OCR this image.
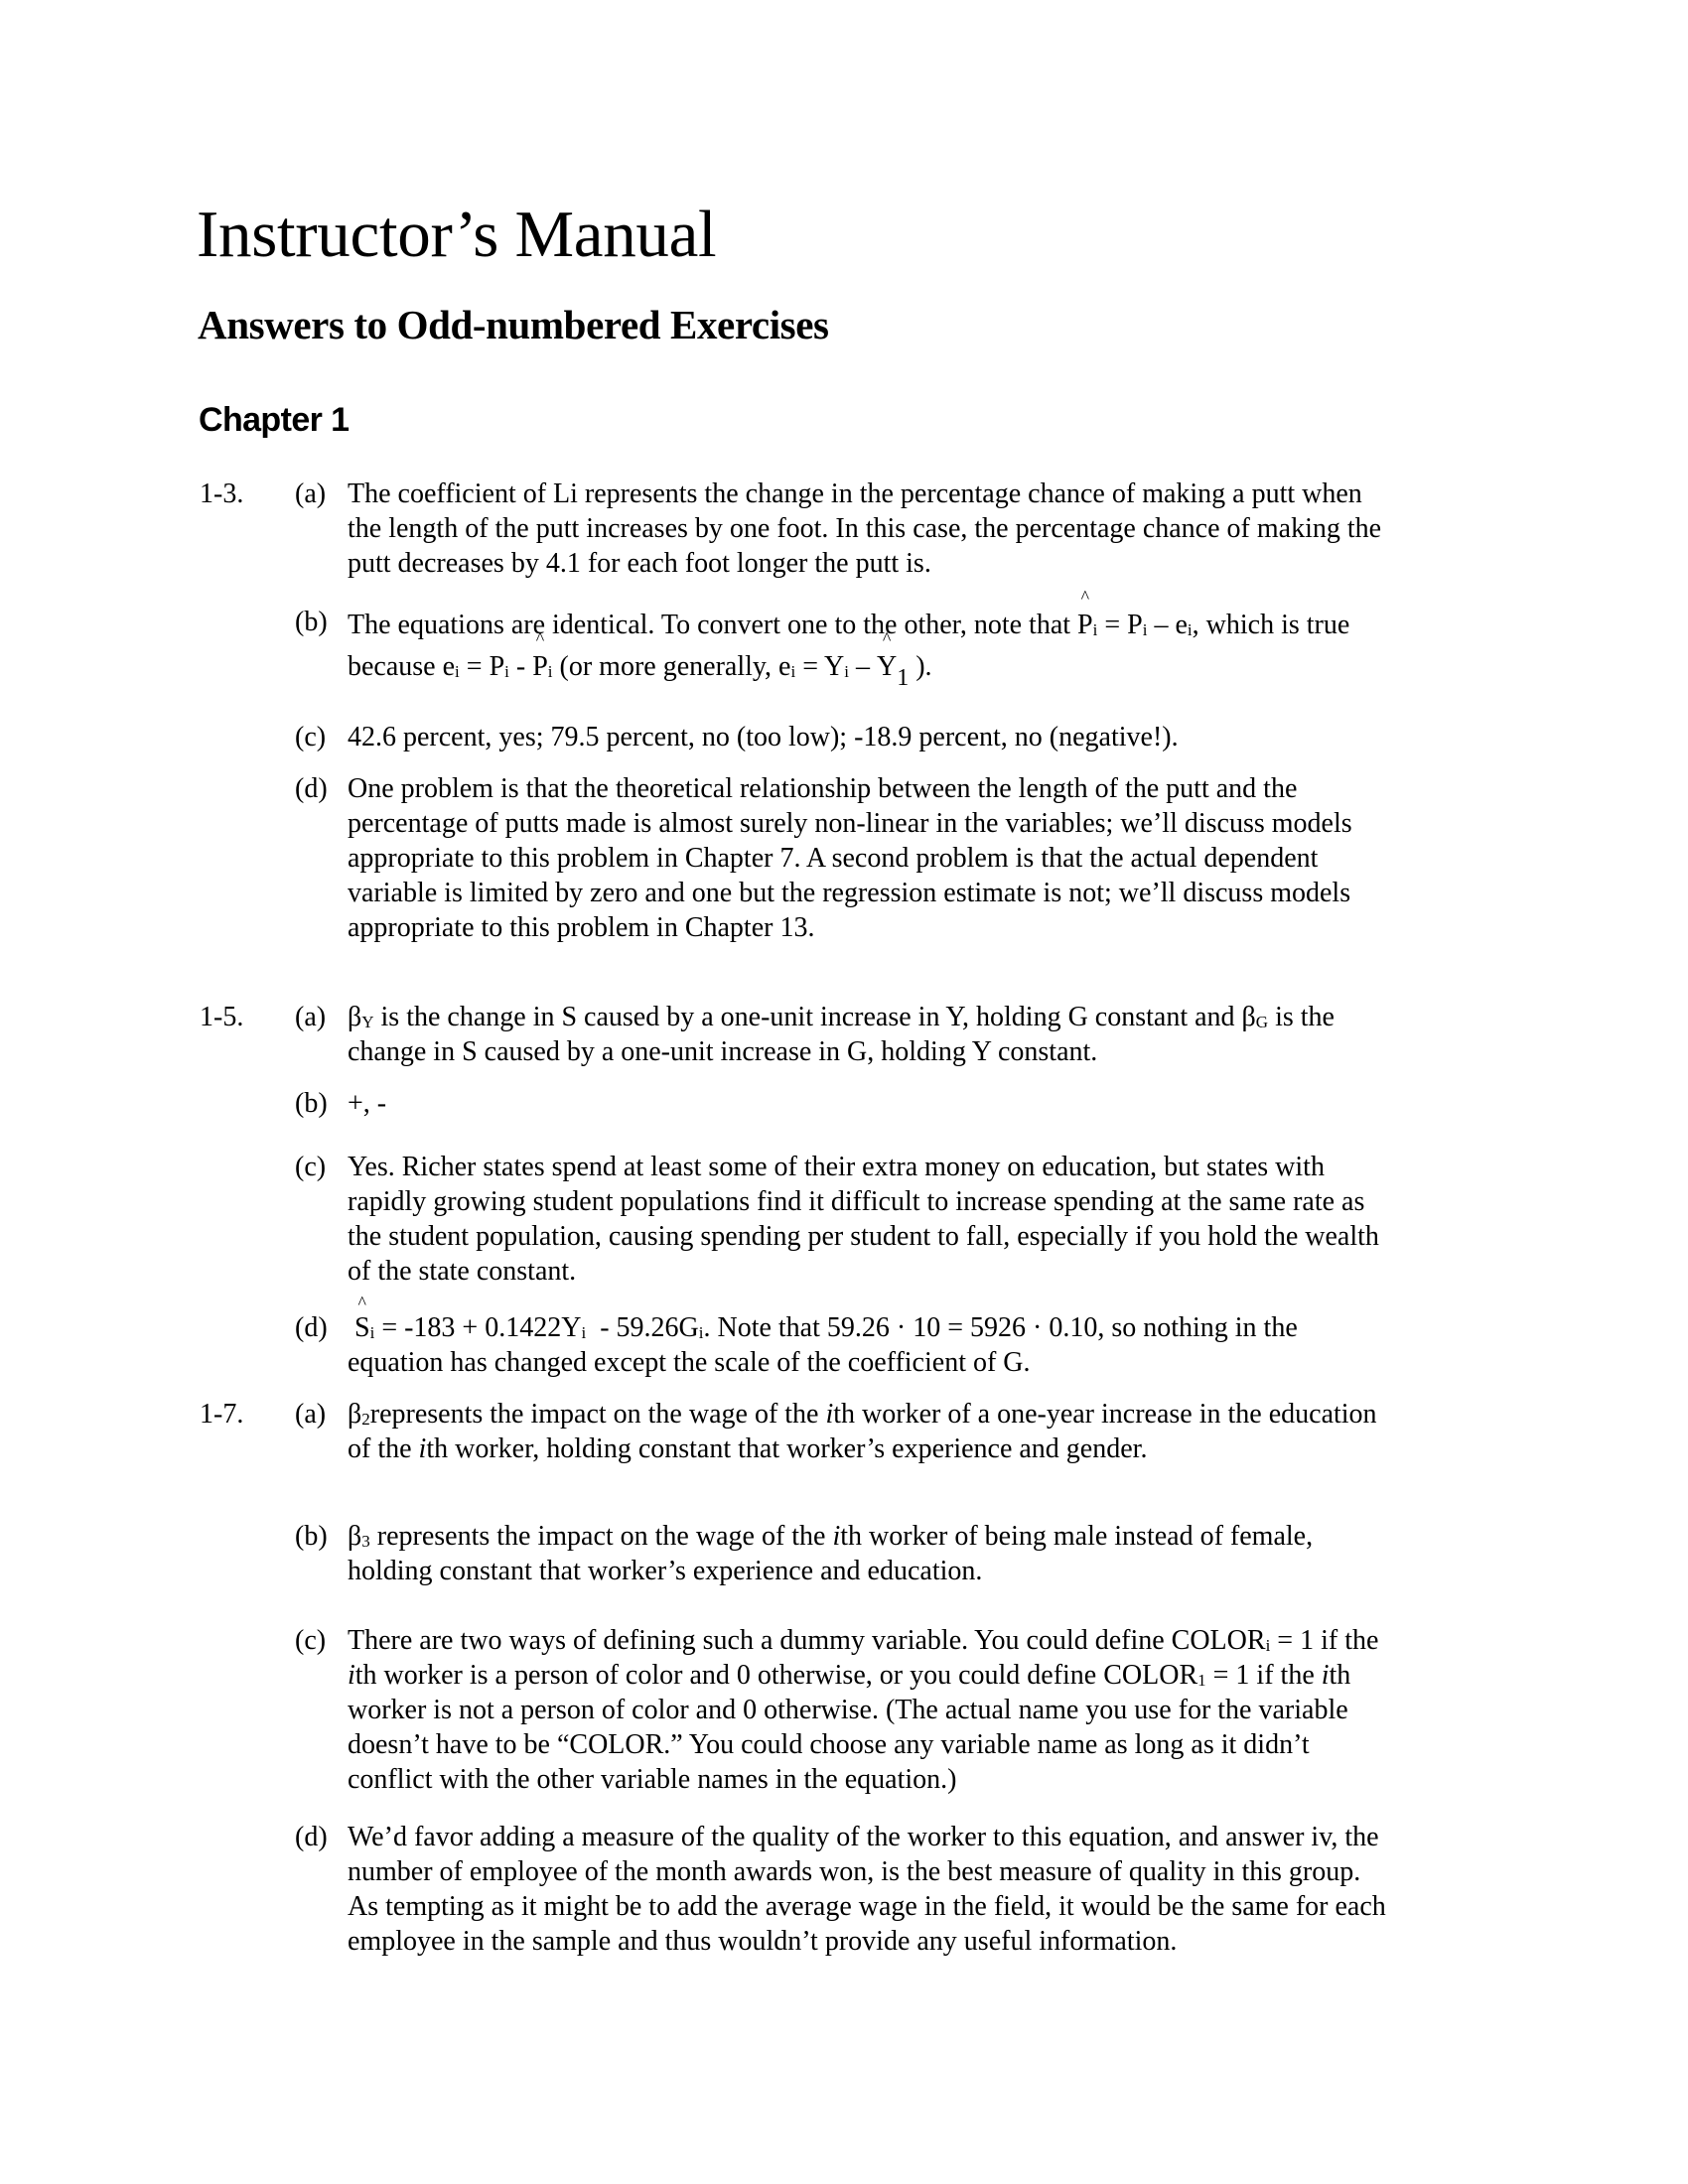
Instructor’s Manual
Answers to Odd-numbered Exercises
Chapter 1
1-3. (a) The coefficient of Li represents the change in the percentage chance of making a putt when
the length of the putt increases by one foot. In this case, the percentage chance of making the
putt decreases by 4.1 for each foot longer the putt is.
(b) The equations are identical. To convert one to the other, note that ^ $P_i = P_i - e_i$, which is true
because $e_i = P_i$ - ^ $P_i$ (or more generally, $e_i = Y_i$ – ^ $Y_1$ ).
(c) 42.6 percent, yes; 79.5 percent, no (too low); -18.9 percent, no (negative!).
(d) One problem is that the theoretical relationship between the length of the putt and the
percentage of putts made is almost surely non-linear in the variables; we’ll discuss models
appropriate to this problem in Chapter 7. A second problem is that the actual dependent
variable is limited by zero and one but the regression estimate is not; we’ll discuss models
appropriate to this problem in Chapter 13.
1-5. (a) $\beta_Y$ is the change in S caused by a one-unit increase in Y, holding G constant and $\beta_G$ is the
change in S caused by a one-unit increase in G, holding Y constant.
(b) +, -
(c) Yes. Richer states spend at least some of their extra money on education, but states with
rapidly growing student populations find it difficult to increase spending at the same rate as
the student population, causing spending per student to fall, especially if you hold the wealth
of the state constant.
(d) ^ $S_i = -183 + 0.1422Y_i - 59.26G_i$. Note that 59.26 · 10 = 5926 · 0.10, so nothing in the
equation has changed except the scale of the coefficient of G.
1-7. (a) $\beta_2represents$ the impact on the wage of the ith worker of a one-year increase in the education
of the ith worker, holding constant that worker’s experience and gender.
(b) $\beta_3$ represents the impact on the wage of the ith worker of being male instead of female,
holding constant that worker’s experience and education.
(c) There are two ways of defining such a dummy variable. You could define $COLOR_i = 1$ if the
ith worker is a person of color and 0 otherwise, or you could define $COLOR_1 = 1$ if the ith
worker is not a person of color and 0 otherwise. (The actual name you use for the variable
doesn’t have to be “COLOR.” You could choose any variable name as long as it didn’t
conflict with the other variable names in the equation.)
(d) We’d favor adding a measure of the quality of the worker to this equation, and answer iv, the
number of employee of the month awards won, is the best measure of quality in this group.
As tempting as it might be to add the average wage in the field, it would be the same for each
employee in the sample and thus wouldn’t provide any useful information.
